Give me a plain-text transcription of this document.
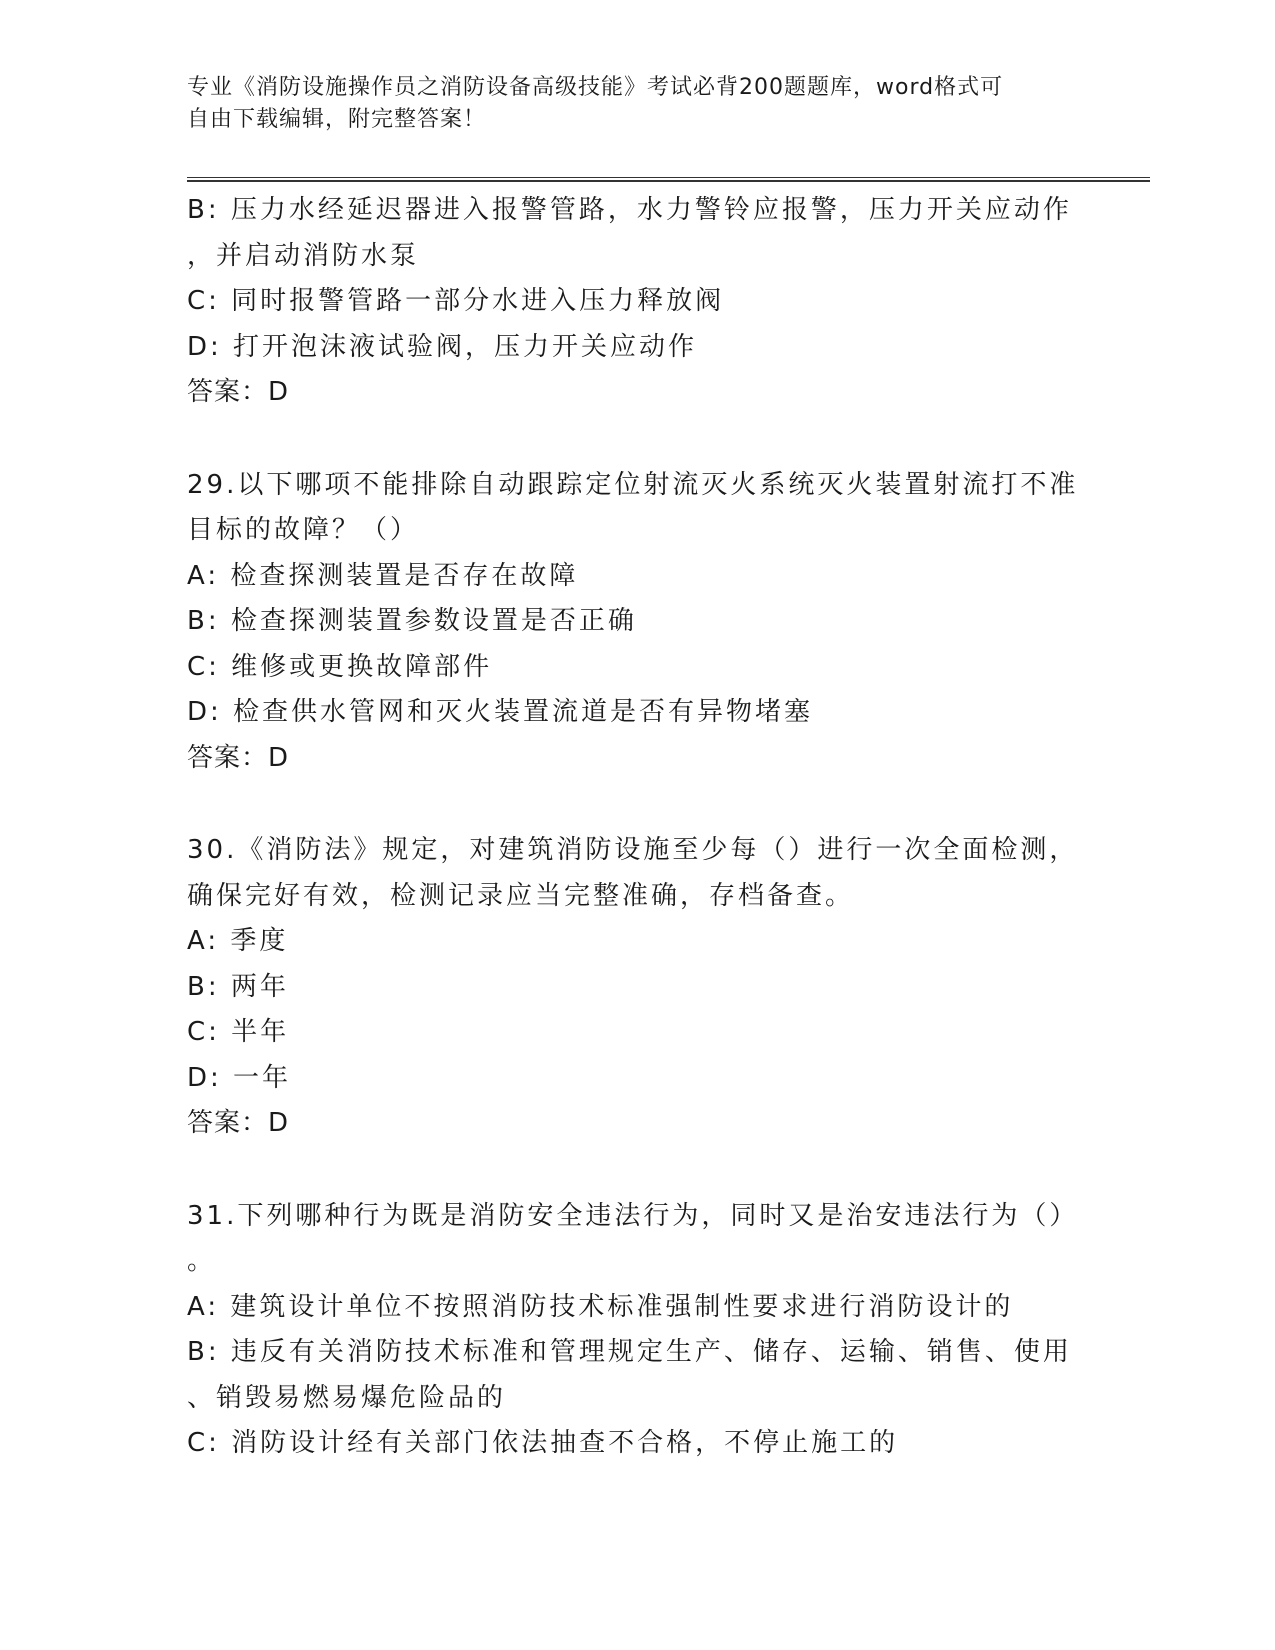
专业《消防设施操作员之消防设备高级技能》考试必背200题题库，word格式可
自由下载编辑，附完整答案！
B: 压力水经延迟器进入报警管路，水力警铃应报警，压力开关应动作
，并启动消防水泵
C: 同时报警管路一部分水进入压力释放阀
D: 打开泡沫液试验阀，压力开关应动作
答案：D
29.以下哪项不能排除自动跟踪定位射流灭火系统灭火装置射流打不准
目标的故障？（）
A: 检查探测装置是否存在故障
B: 检查探测装置参数设置是否正确
C: 维修或更换故障部件
D: 检查供水管网和灭火装置流道是否有异物堵塞
答案：D
30.《消防法》规定，对建筑消防设施至少每（）进行一次全面检测，
确保完好有效，检测记录应当完整准确，存档备查。
A: 季度
B: 两年
C: 半年
D: 一年
答案：D
31.下列哪种行为既是消防安全违法行为，同时又是治安违法行为（）
。
A: 建筑设计单位不按照消防技术标准强制性要求进行消防设计的
B: 违反有关消防技术标准和管理规定生产、储存、运输、销售、使用
、销毁易燃易爆危险品的
C: 消防设计经有关部门依法抽查不合格，不停止施工的
